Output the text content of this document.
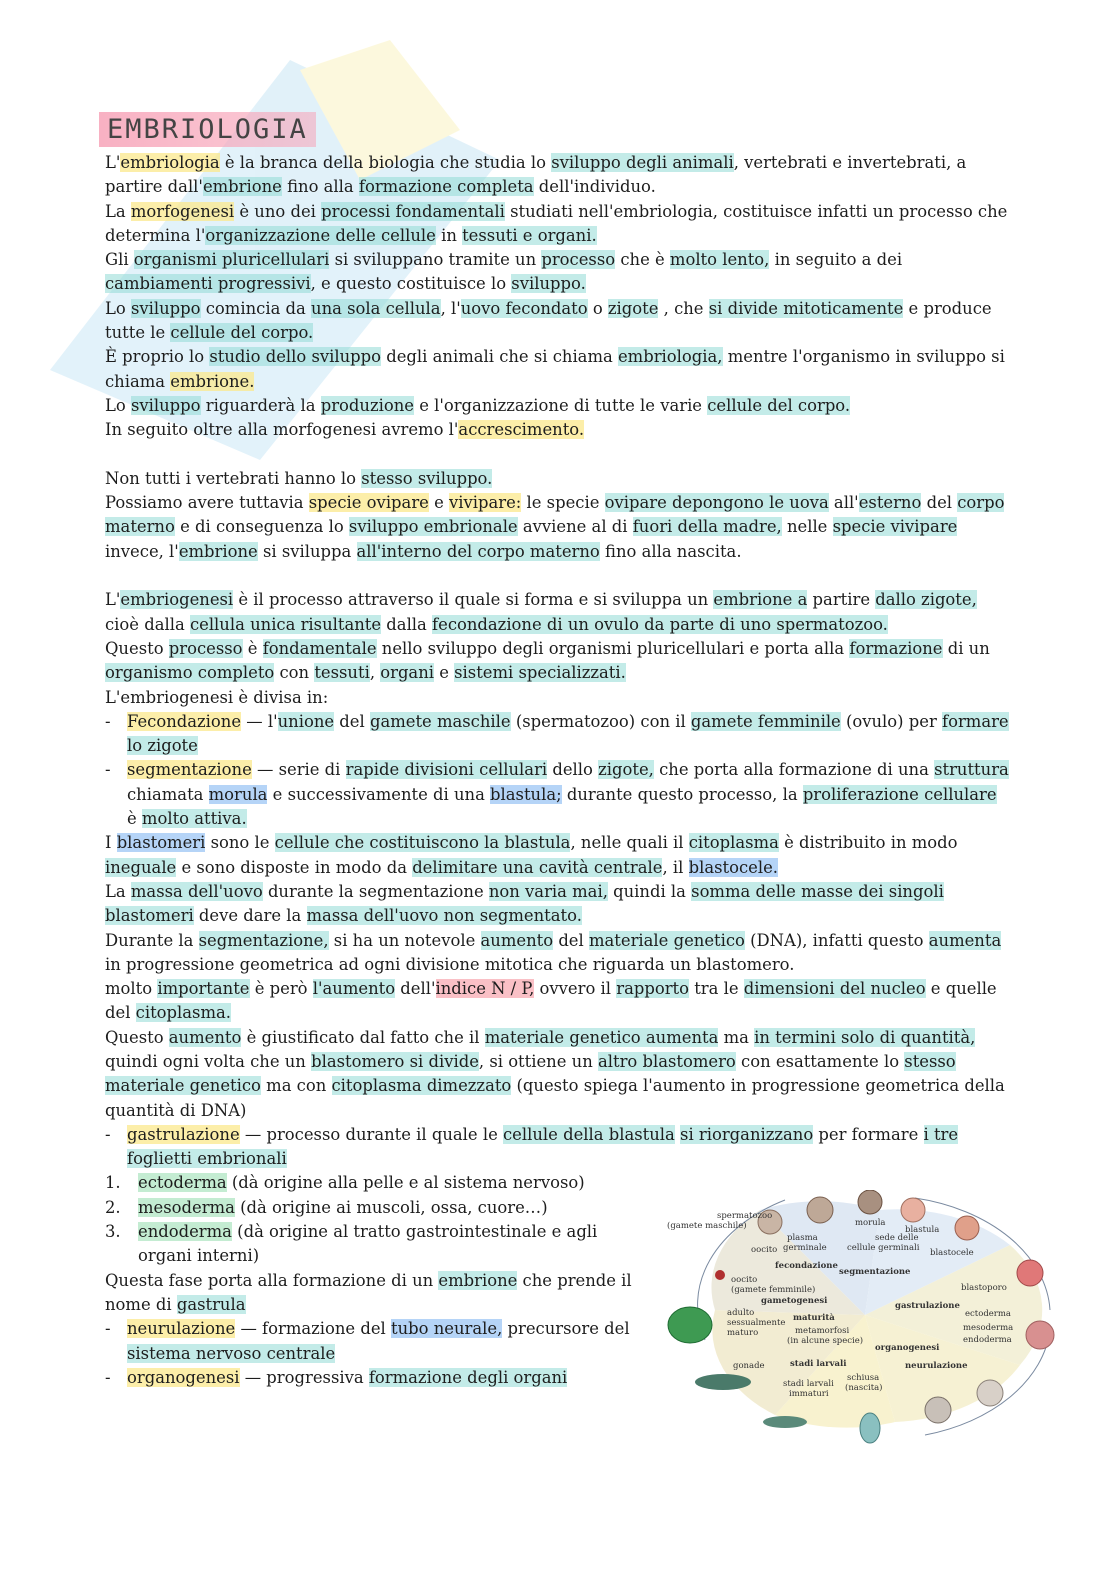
EMBRIOLOGIA

L'embriologia è la branca della biologia che studia lo sviluppo degli animali, vertebrati e invertebrati, a partire dall'embrione fino alla formazione completa dell'individuo.

La morfogenesi è uno dei processi fondamentali studiati nell'embriologia, costituisce infatti un processo che determina l'organizzazione delle cellule in tessuti e organi.

Gli organismi pluricellulari si sviluppano tramite un processo che è molto lento, in seguito a dei cambiamenti progressivi, e questo costituisce lo sviluppo.

Lo sviluppo comincia da una sola cellula, l'uovo fecondato o zigote , che si divide mitoticamente e produce tutte le cellule del corpo.

È proprio lo studio dello sviluppo degli animali che si chiama embriologia, mentre l'organismo in sviluppo si chiama embrione.

Lo sviluppo riguarderà la produzione e l'organizzazione di tutte le varie cellule del corpo.

In seguito oltre alla morfogenesi avremo l'accrescimento.

Non tutti i vertebrati hanno lo stesso sviluppo.

Possiamo avere tuttavia specie ovipare e vivipare: le specie ovipare depongono le uova all'esterno del corpo materno e di conseguenza lo sviluppo embrionale avviene al di fuori della madre, nelle specie vivipare invece, l'embrione si sviluppa all'interno del corpo materno fino alla nascita.

L'embriogenesi è il processo attraverso il quale si forma e si sviluppa un embrione a partire dallo zigote, cioè dalla cellula unica risultante dalla fecondazione di un ovulo da parte di uno spermatozoo.

Questo processo è fondamentale nello sviluppo degli organismi pluricellulari e porta alla formazione di un organismo completo con tessuti, organi e sistemi specializzati.

L'embriogenesi è divisa in:

- Fecondazione — l'unione del gamete maschile (spermatozoo) con il gamete femminile (ovulo) per formare lo zigote
- segmentazione — serie di rapide divisioni cellulari dello zigote, che porta alla formazione di una struttura chiamata morula e successivamente di una blastula; durante questo processo, la proliferazione cellulare è molto attiva.

I blastomeri sono le cellule che costituiscono la blastula, nelle quali il citoplasma è distribuito in modo ineguale e sono disposte in modo da delimitare una cavità centrale, il blastocele.

La massa dell'uovo durante la segmentazione non varia mai, quindi la somma delle masse dei singoli blastomeri deve dare la massa dell'uovo non segmentato.

Durante la segmentazione, si ha un notevole aumento del materiale genetico (DNA), infatti questo aumenta in progressione geometrica ad ogni divisione mitotica che riguarda un blastomero.

molto importante è però l'aumento dell'indice N / P, ovvero il rapporto tra le dimensioni del nucleo e quelle del citoplasma.

Questo aumento è giustificato dal fatto che il materiale genetico aumenta ma in termini solo di quantità, quindi ogni volta che un blastomero si divide, si ottiene un altro blastomero con esattamente lo stesso materiale genetico ma con citoplasma dimezzato (questo spiega l'aumento in progressione geometrica della quantità di DNA)

- gastrulazione — processo durante il quale le cellule della blastula si riorganizzano per formare i tre foglietti embrionali
1. ectoderma (dà origine alla pelle e al sistema nervoso)
2. mesoderma (dà origine ai muscoli, ossa, cuore…)
3. endoderma (dà origine al tratto gastrointestinale e agli organi interni)

Questa fase porta alla formazione di un embrione che prende il nome di gastrula

- neurulazione — formazione del tubo neurale, precursore del sistema nervoso centrale
- organogenesi — progressiva formazione degli organi
spermatozoo
(gamete maschile)
oocito
plasma
germinale
morula
sede delle
cellule germinali
blastula
blastocele
fecondazione
segmentazione
oocito
(gamete femminile)
gametogenesi
blastoporo
gastrulazione
ectoderma
mesoderma
endoderma
adulto
sessualmente
maturo
maturità
metamorfosi
(in alcune specie)
organogenesi
neurulazione
gonade	stadi larvali
stadi larvali
immaturi
schiusa
(nascita)
